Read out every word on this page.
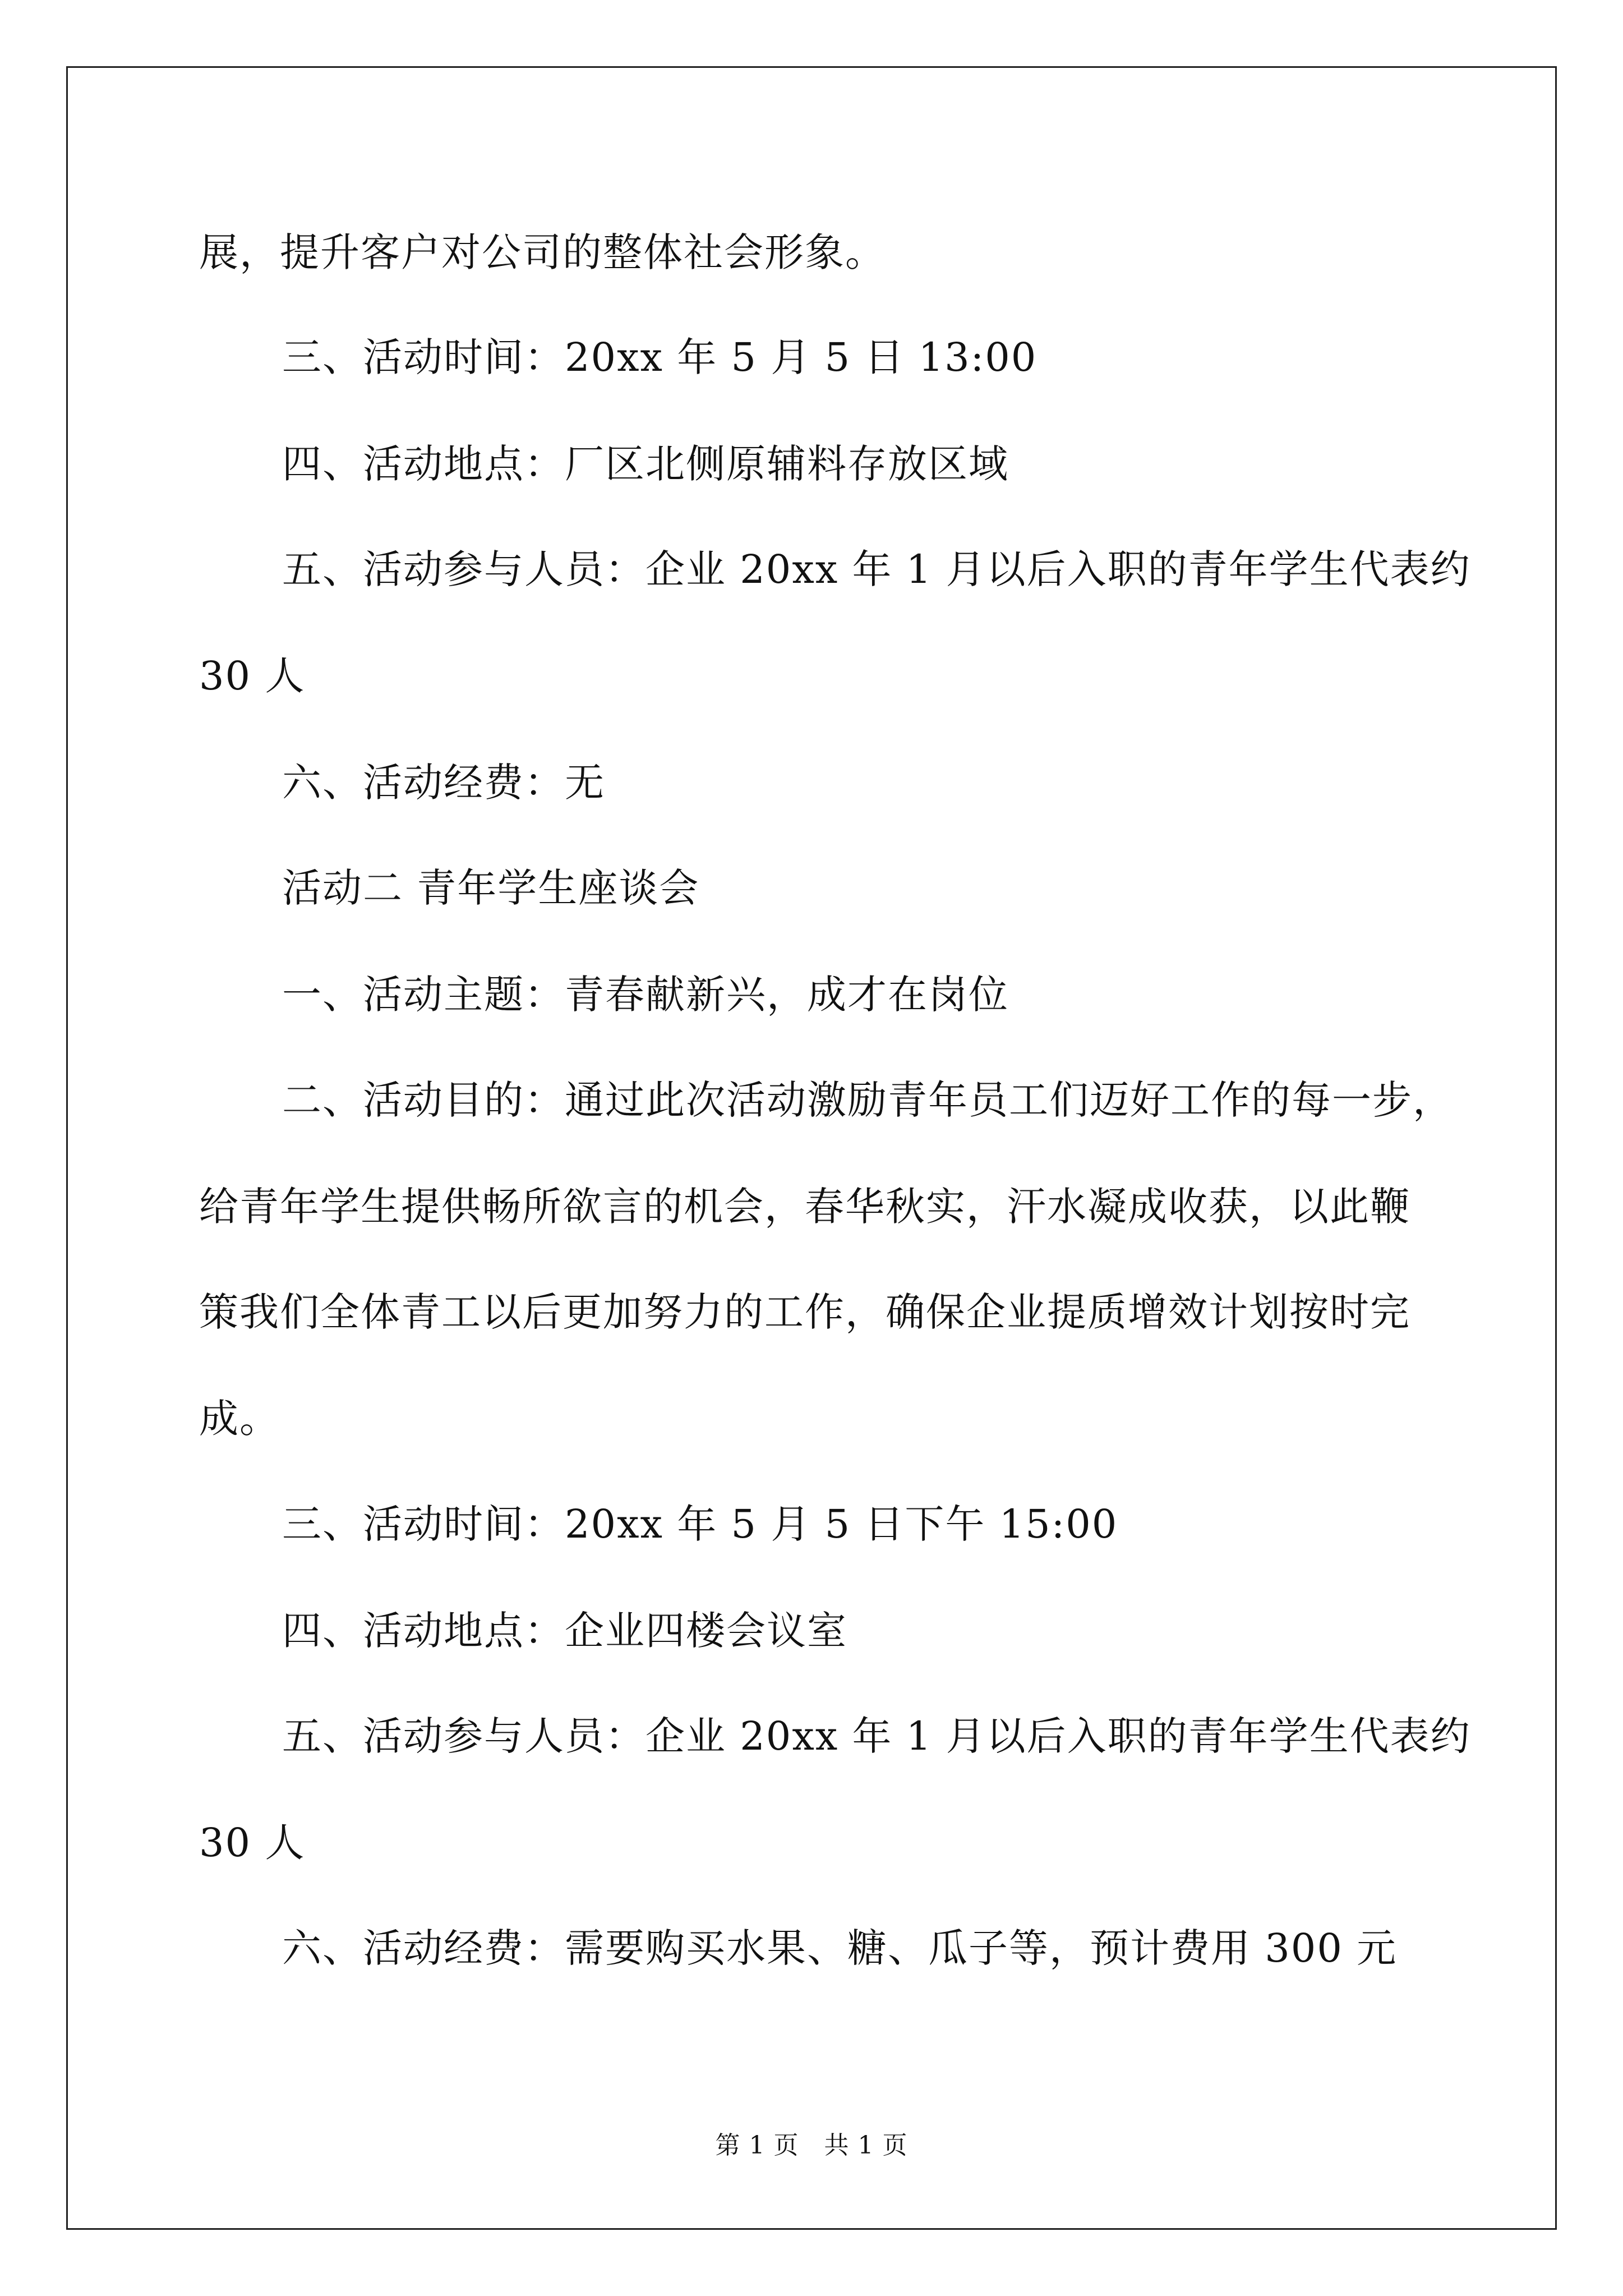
展，提升客户对公司的整体社会形象。
三、活动时间：20xx 年 5 月 5 日 13:00
四、活动地点：厂区北侧原辅料存放区域
五、活动参与人员：企业 20xx 年 1 月以后入职的青年学生代表约
30 人
六、活动经费：无
活动二 青年学生座谈会
一、活动主题：青春献新兴，成才在岗位
二、活动目的：通过此次活动激励青年员工们迈好工作的每一步，
给青年学生提供畅所欲言的机会，春华秋实，汗水凝成收获，以此鞭
策我们全体青工以后更加努力的工作，确保企业提质增效计划按时完
成。
三、活动时间：20xx 年 5 月 5 日下午 15:00
四、活动地点：企业四楼会议室
五、活动参与人员：企业 20xx 年 1 月以后入职的青年学生代表约
30 人
六、活动经费：需要购买水果、糖、瓜子等，预计费用 300 元
第 1 页　共 1 页
